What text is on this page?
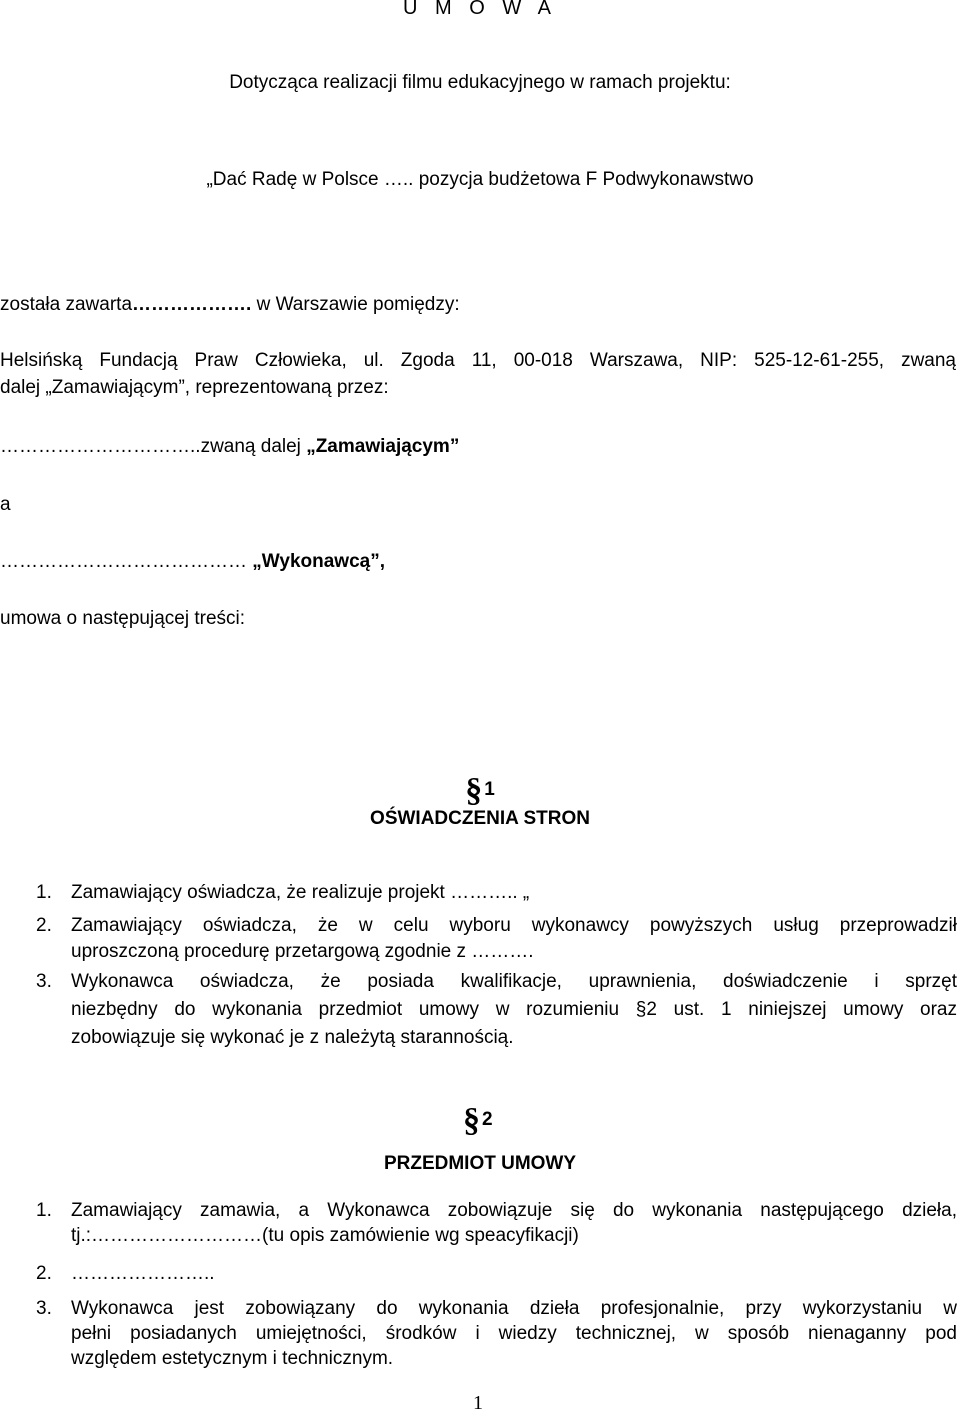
U M O W A
Dotycząca realizacji filmu edukacyjnego w ramach projektu:
„Dać Radę w Polsce ….. pozycja budżetowa F Podwykonawstwo
została zawarta………………. w Warszawie pomiędzy:
Helsińską Fundacją Praw Człowieka, ul. Zgoda 11, 00-018 Warszawa, NIP: 525-12-61-255, zwaną
dalej „Zamawiającym”, reprezentowaną przez:
…………………………..zwaną dalej „Zamawiającym”
a
………………………………… „Wykonawcą”,
umowa o następującej treści:
§ 1
OŚWIADCZENIA STRON
1. Zamawiający oświadcza, że realizuje projekt ……….. „
2. Zamawiający oświadcza, że w celu wyboru wykonawcy powyższych usług przeprowadził
uproszczoną procedurę przetargową zgodnie z ……….
3. Wykonawca oświadcza, że posiada kwalifikacje, uprawnienia, doświadczenie i sprzęt
niezbędny do wykonania przedmiot umowy w rozumieniu §2 ust. 1 niniejszej umowy oraz
zobowiązuje się wykonać je z należytą starannością.
§ 2
PRZEDMIOT UMOWY
1. Zamawiający zamawia, a Wykonawca zobowiązuje się do wykonania następującego dzieła,
tj.:………………………(tu opis zamówienie wg speacyfikacji)
2. …………………..
3. Wykonawca jest zobowiązany do wykonania dzieła profesjonalnie, przy wykorzystaniu w
pełni posiadanych umiejętności, środków i wiedzy technicznej, w sposób nienaganny pod
względem estetycznym i technicznym.
1
